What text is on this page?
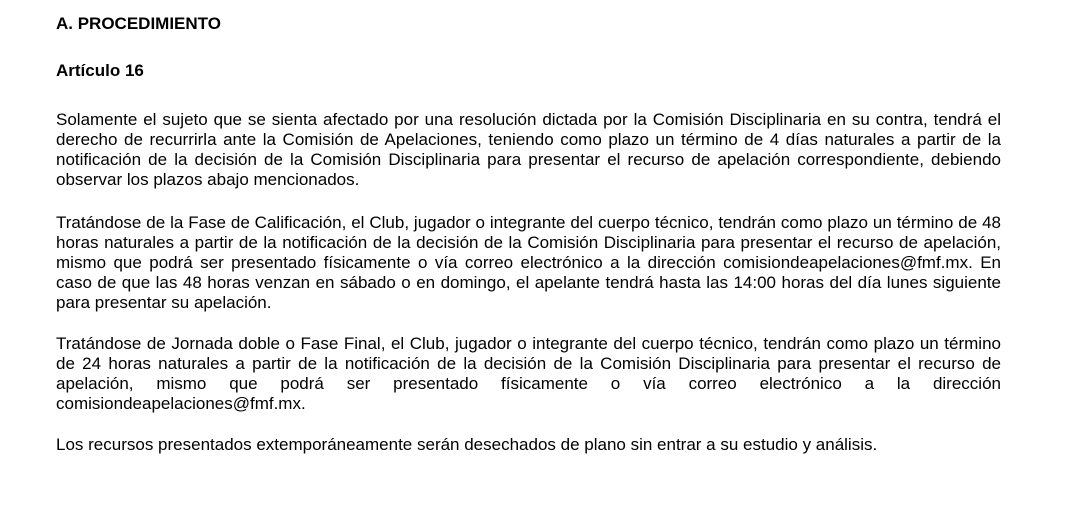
A. PROCEDIMIENTO
Artículo 16

Solamente el sujeto que se sienta afectado por una resolución dictada por la Comisión Disciplinaria en su contra, tendrá el derecho de recurrirla ante la Comisión de Apelaciones, teniendo como plazo un término de 4 días naturales a partir de la notificación de la decisión de la Comisión Disciplinaria para presentar el recurso de apelación correspondiente, debiendo observar los plazos abajo mencionados.

Tratándose de la Fase de Calificación, el Club, jugador o integrante del cuerpo técnico, tendrán como plazo un término de 48 horas naturales a partir de la notificación de la decisión de la Comisión Disciplinaria para presentar el recurso de apelación, mismo que podrá ser presentado físicamente o vía correo electrónico a la dirección comisiondeapelaciones@fmf.mx. En caso de que las 48 horas venzan en sábado o en domingo, el apelante tendrá hasta las 14:00 horas del día lunes siguiente para presentar su apelación.

Tratándose de Jornada doble o Fase Final, el Club, jugador o integrante del cuerpo técnico, tendrán como plazo un término de 24 horas naturales a partir de la notificación de la decisión de la Comisión Disciplinaria para presentar el recurso de apelación, mismo que podrá ser presentado físicamente o vía correo electrónico a la dirección comisiondeapelaciones@fmf.mx.

Los recursos presentados extemporáneamente serán desechados de plano sin entrar a su estudio y análisis.
